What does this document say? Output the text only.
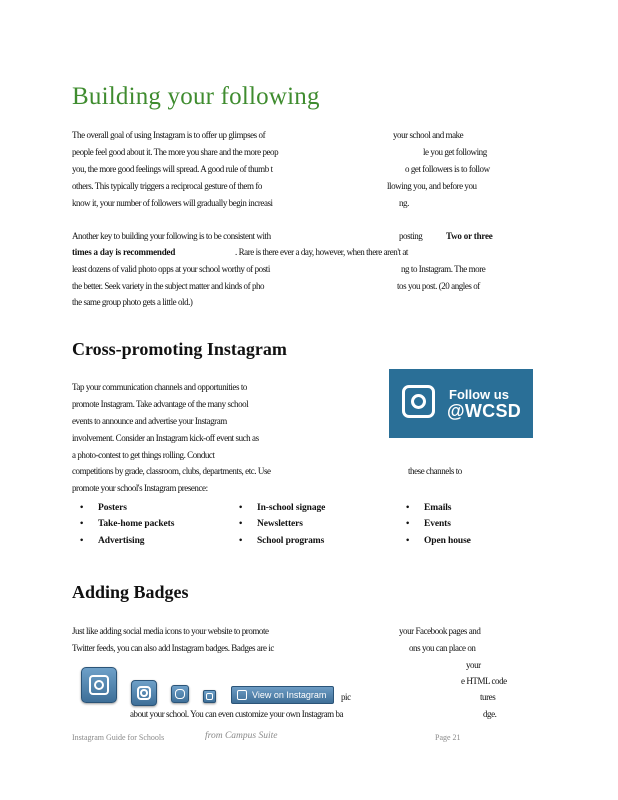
Building your following
The overall goal of using Instagram is to offer up glimpses of	your school and make
people feel good about it. The more you share and the more peop	le you get following
you, the more good feelings will spread. A good rule of thumb t	o get followers is to follow
others. This typically triggers a reciprocal gesture of them fo	llowing you, and before you
know it, your number of followers will gradually begin increasi	ng.
Another key to building your following is to be consistent with	posting	Two or three
times a day is recommended	. Rare is there ever a day, however, when there aren't at
least dozens of valid photo opps at your school worthy of posti	ng to Instagram. The more
the better. Seek variety in the subject matter and kinds of pho	tos you post. (20 angles of
the same group photo gets a little old.)
Cross-promoting Instagram
Tap your communication channels and opportunities to
promote Instagram. Take advantage of the many school
events to announce and advertise your Instagram
involvement. Consider an Instagram kick-off event such as
a photo-contest to get things rolling. Conduct
competitions by grade, classroom, clubs, departments, etc. Use	these channels to
promote your school's Instagram presence:
Follow us
@WCSD
• Posters
• Take-home packets
• Advertising
• In-school signage
• Newsletters
• School programs
• Emails
• Events
• Open house
Adding Badges
Just like adding social media icons to your website to promote	your Facebook pages and
Twitter feeds, you can also add Instagram badges. Badges are ic	ons you can place on
your
e HTML code
pic	tures
about your school. You can even customize your own Instagram ba	dge.
View on Instagram
Instagram Guide for Schools	from Campus Suite	Page 21
